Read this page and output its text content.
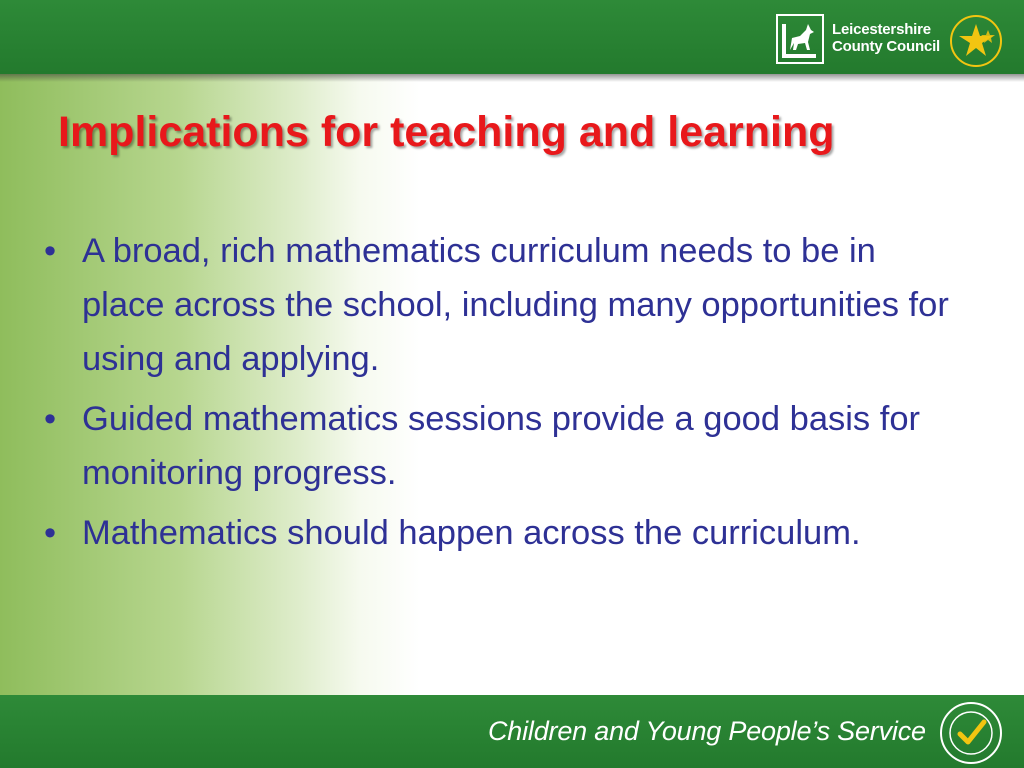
Leicestershire
County Council
Implications for teaching and learning
• A broad, rich mathematics curriculum needs to be in place across the school, including many opportunities for using and applying.
• Guided mathematics sessions provide a good basis for monitoring progress.
• Mathematics should happen across the curriculum.
Children and Young People’s Service
